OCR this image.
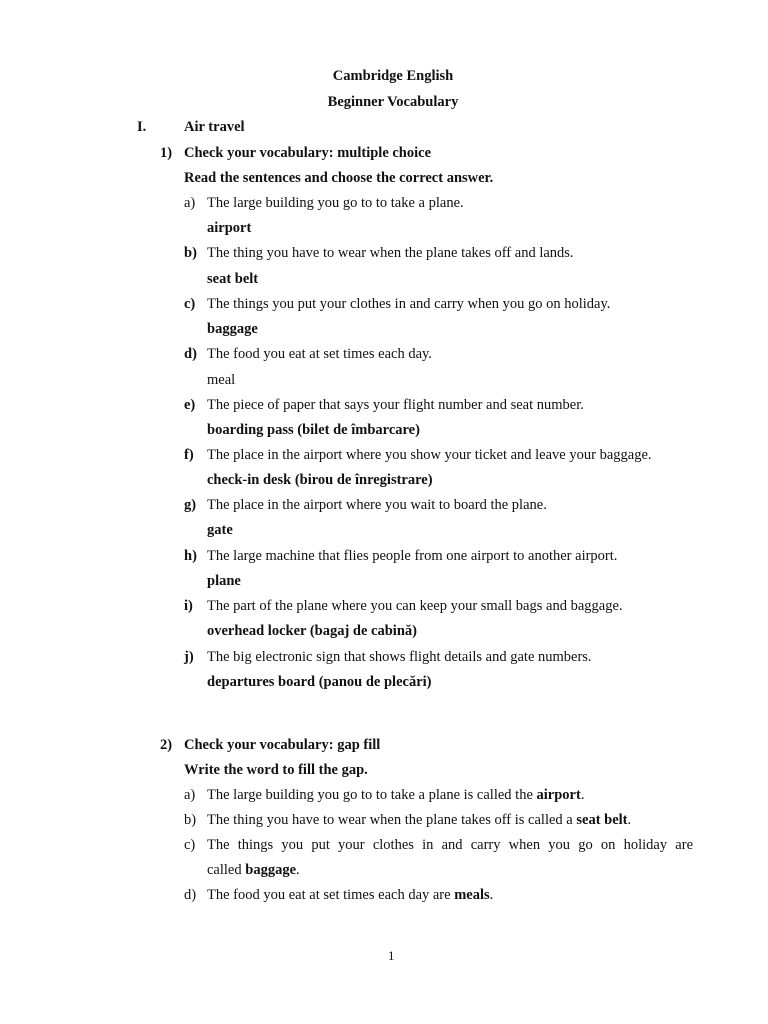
Cambridge English
Beginner Vocabulary
I.	Air travel
1) Check your vocabulary: multiple choice
Read the sentences and choose the correct answer.
a) The large building you go to to take a plane.
airport
b) The thing you have to wear when the plane takes off and lands.
seat belt
c) The things you put your clothes in and carry when you go on holiday.
baggage
d) The food you eat at set times each day.
meal
e) The piece of paper that says your flight number and seat number.
boarding pass (bilet de îmbarcare)
f) The place in the airport where you show your ticket and leave your baggage.
check-in desk (birou de înregistrare)
g) The place in the airport where you wait to board the plane.
gate
h) The large machine that flies people from one airport to another airport.
plane
i) The part of the plane where you can keep your small bags and baggage.
overhead locker (bagaj de cabină)
j) The big electronic sign that shows flight details and gate numbers.
departures board (panou de plecări)
2) Check your vocabulary: gap fill
Write the word to fill the gap.
a) The large building you go to to take a plane is called the airport.
b) The thing you have to wear when the plane takes off is called a seat belt.
c) The things you put your clothes in and carry when you go on holiday are
called baggage.
d) The food you eat at set times each day are meals.
1
